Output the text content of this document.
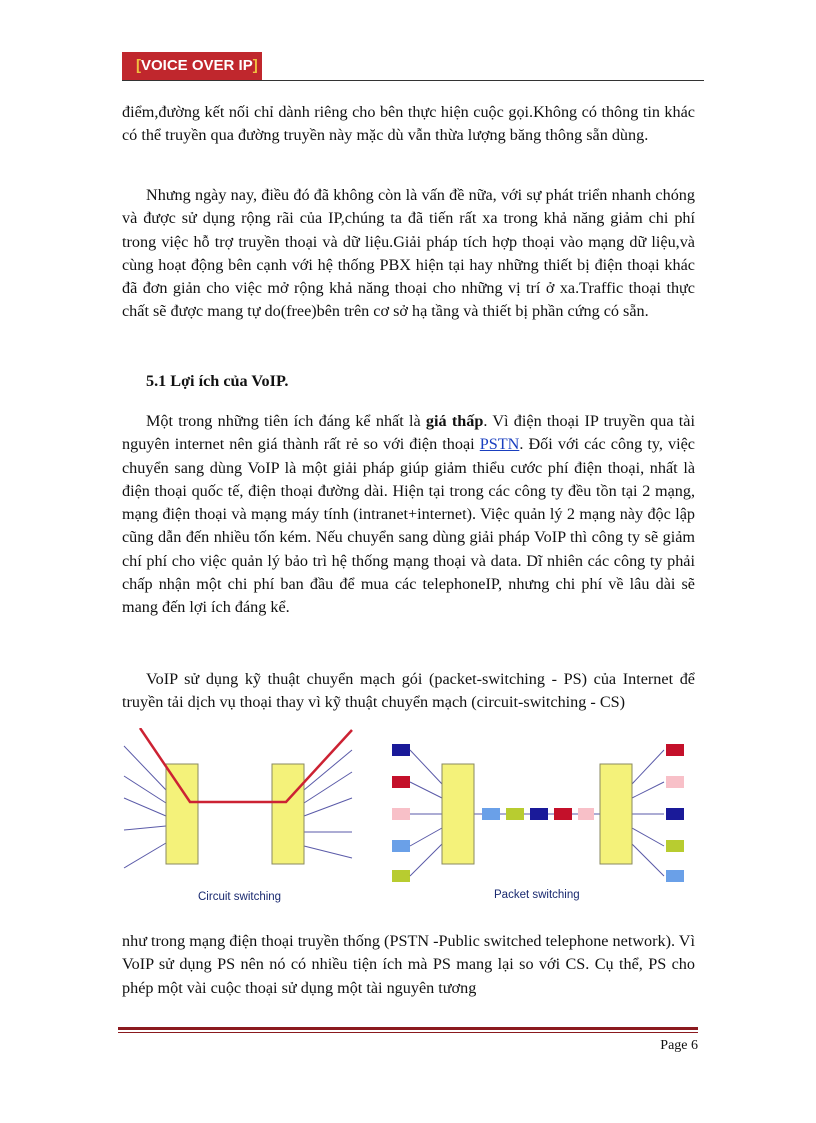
[VOICE OVER IP]

điểm,đường kết nối chỉ dành riêng cho bên thực hiện cuộc gọi.Không có thông tin khác có thể truyền qua đường truyền này mặc dù vẫn thừa lượng băng thông sẵn dùng.

Nhưng ngày nay, điều đó đã không còn là vấn đề nữa, với sự phát triển nhanh chóng và được sử dụng rộng rãi của IP,chúng ta đã tiến rất xa trong khả năng giảm chi phí trong việc hỗ trợ truyền thoại và dữ liệu.Giải pháp tích hợp thoại vào mạng dữ liệu,và cùng hoạt động bên cạnh với hệ thống PBX hiện tại hay những thiết bị điện thoại khác đã đơn giản cho việc mở rộng khả năng thoại cho những vị trí ở xa.Traffic thoại thực chất sẽ được mang tự do(free)bên trên cơ sở hạ tầng và thiết bị phần cứng có sẵn.

5.1 Lợi ích của VoIP.

Một trong những tiên ích đáng kể nhất là giá thấp. Vì điện thoại IP truyền qua tài nguyên internet nên giá thành rất rẻ so với điện thoại PSTN. Đối với các công ty, việc chuyển sang dùng VoIP là một giải pháp giúp giảm thiểu cước phí điện thoại, nhất là điện thoại quốc tế, điện thoại đường dài. Hiện tại trong các công ty đều tồn tại 2 mạng, mạng điện thoại và mạng máy tính (intranet+internet). Việc quản lý 2 mạng này độc lập cũng dẫn đến nhiều tốn kém. Nếu chuyển sang dùng giải pháp VoIP thì công ty sẽ giảm chí phí cho việc quản lý bảo trì hệ thống mạng thoại và data. Dĩ nhiên các công ty phải chấp nhận một chi phí ban đầu để mua các telephoneIP, nhưng chi phí về lâu dài sẽ mang đến lợi ích đáng kể.

VoIP sử dụng kỹ thuật chuyển mạch gói (packet-switching - PS) của Internet để truyền tải dịch vụ thoại thay vì kỹ thuật chuyển mạch (circuit-switching - CS)

Circuit switching	Packet switching

như trong mạng điện thoại truyền thống (PSTN -Public switched telephone network). Vì VoIP sử dụng PS nên nó có nhiều tiện ích mà PS mang lại so với CS. Cụ thể, PS cho phép một vài cuộc thoại sử dụng một tài nguyên tương

Page 6
